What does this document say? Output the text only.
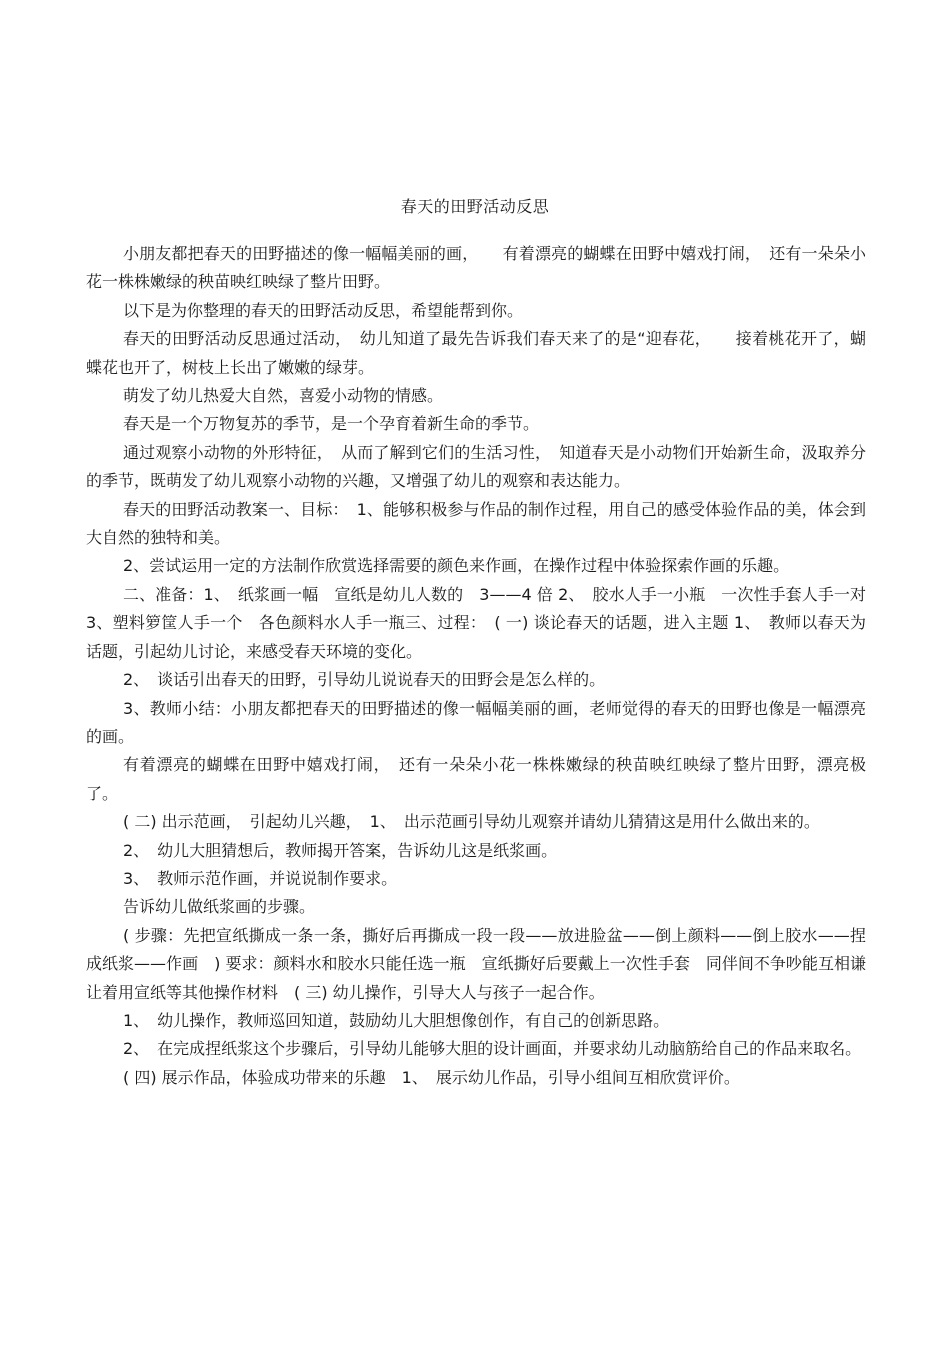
春天的田野活动反思

小朋友都把春天的田野描述的像一幅幅美丽的画，　　有着漂亮的蝴蝶在田野中嬉戏打闹，　还有一朵朵小花一株株嫩绿的秧苗映红映绿了整片田野。

以下是为你整理的春天的田野活动反思，希望能帮到你。

春天的田野活动反思通过活动，　幼儿知道了最先告诉我们春天来了的是“迎春花，　　接着桃花开了，蝴蝶花也开了，树枝上长出了嫩嫩的绿芽。

萌发了幼儿热爱大自然，喜爱小动物的情感。

春天是一个万物复苏的季节，是一个孕育着新生命的季节。

通过观察小动物的外形特征，　从而了解到它们的生活习性，　知道春天是小动物们开始新生命，汲取养分的季节，既萌发了幼儿观察小动物的兴趣，又增强了幼儿的观察和表达能力。

春天的田野活动教案一、目标：　1、能够积极参与作品的制作过程，用自己的感受体验作品的美，体会到大自然的独特和美。

2、尝试运用一定的方法制作欣赏选择需要的颜色来作画，在操作过程中体验探索作画的乐趣。

二、准备：1、　纸浆画一幅　宣纸是幼儿人数的　3——4 倍 2、　胶水人手一小瓶　一次性手套人手一对　3、塑料箩筐人手一个　各色颜料水人手一瓶三、过程：　( 一) 谈论春天的话题，进入主题 1、　教师以春天为话题，引起幼儿讨论，来感受春天环境的变化。

2、　谈话引出春天的田野，引导幼儿说说春天的田野会是怎么样的。

3、教师小结：小朋友都把春天的田野描述的像一幅幅美丽的画，老师觉得的春天的田野也像是一幅漂亮的画。

有着漂亮的蝴蝶在田野中嬉戏打闹，　还有一朵朵小花一株株嫩绿的秧苗映红映绿了整片田野，漂亮极了。

( 二) 出示范画，　引起幼儿兴趣，　1、　出示范画引导幼儿观察并请幼儿猜猜这是用什么做出来的。

2、　幼儿大胆猜想后，教师揭开答案，告诉幼儿这是纸浆画。

3、　教师示范作画，并说说制作要求。

告诉幼儿做纸浆画的步骤。

( 步骤：先把宣纸撕成一条一条，撕好后再撕成一段一段——放进脸盆——倒上颜料——倒上胶水——捏成纸浆——作画　) 要求：颜料水和胶水只能任选一瓶　宣纸撕好后要戴上一次性手套　同伴间不争吵能互相谦让着用宣纸等其他操作材料　( 三) 幼儿操作，引导大人与孩子一起合作。

1、　幼儿操作，教师巡回知道，鼓励幼儿大胆想像创作，有自己的创新思路。

2、　在完成捏纸浆这个步骤后，引导幼儿能够大胆的设计画面，并要求幼儿动脑筋给自己的作品来取名。

( 四) 展示作品，体验成功带来的乐趣　1、　展示幼儿作品，引导小组间互相欣赏评价。
